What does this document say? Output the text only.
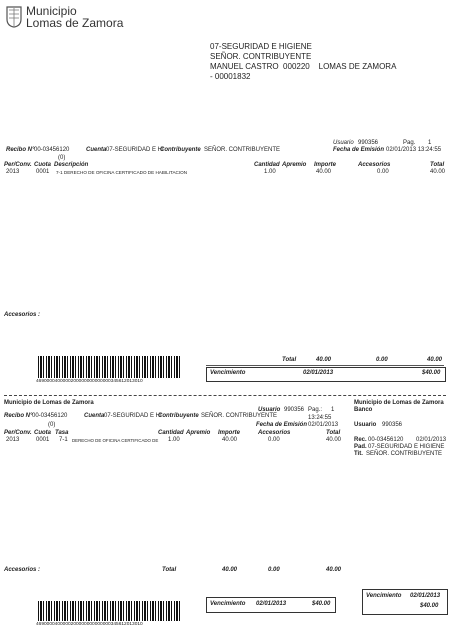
Municipio
Lomas de Zamora
07-SEGURIDAD E HIGIENE
SEÑOR. CONTRIBUYENTE
MANUEL CASTRO  000220    LOMAS DE ZAMORA
- 00001832
Usuario 990356	Pag. 1
Fecha de Emisión 02/01/2013 13:24:55
Recibo N° 00-03456120	Cuenta 07-SEGURIDAD E HI
Contribuyente SEÑOR. CONTRIBUYENTE
(0)
Per/Conv. Cuota Descripción	Cantidad Apremio Importe	Accesorios	Total
2013	0001 7-1 DERECHO DE OFICINA CERTIFICADO DE HABILITACION	1.00	40.00	0.00	40.00
Accesorios :
Total	40.00	0.00	40.00
4690000400000200000000000000345612013010
Vencimiento	02/01/2013	$40.00
Municipio de Lomas de Zamora
Usuario 990356 Pag.: 1
13:24:55
Fecha de Emisión 02/01/2013
Recibo N° 00-03456120	Cuenta 07-SEGURIDAD E HI
Contribuyente SEÑOR. CONTRIBUYENTE
(0)
Per/Conv. Cuota Tasa	Cantidad Apremio Importe	Accesorios	Total
2013	0001 7-1 DERECHO DE OFICINA CERTIFICADO DE 1.00	40.00	0.00	40.00
Municipio de Lomas de Zamora
Banco
Usuario 990356
Rec. 00-03456120 02/01/2013
Pad. 07-SEGURIDAD E HIGIENE
Tit. SEÑOR. CONTRIBUYENTE
Accesorios :	Total	40.00	0.00	40.00
Vencimiento 02/01/2013	$40.00
Vencimiento 02/01/2013
$40.00
4690000400000200000000000000345612013010
